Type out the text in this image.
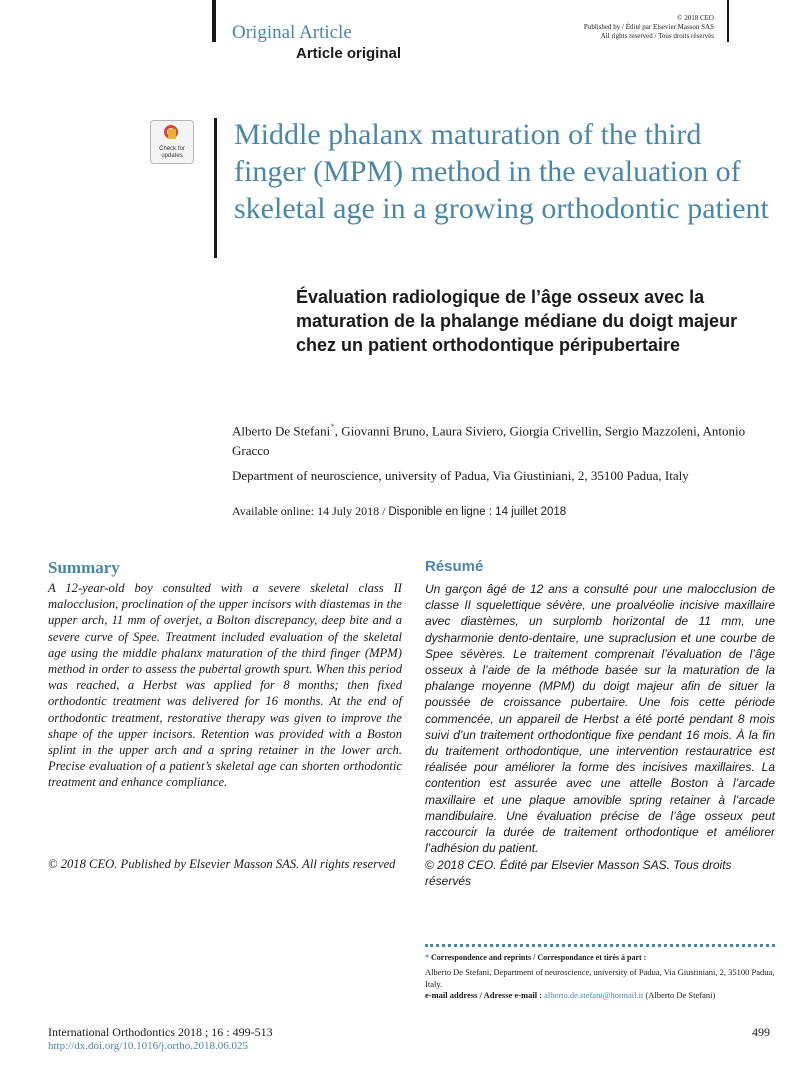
Original Article
Article original
© 2018 CEO
Published by / Édité par Elsevier Masson SAS
All rights reserved / Tous droits réservés
Check for
updates
Middle phalanx maturation of the third finger (MPM) method in the evaluation of skeletal age in a growing orthodontic patient
Évaluation radiologique de l’âge osseux avec la maturation de la phalange médiane du doigt majeur chez un patient orthodontique péripubertaire
Alberto De Stefani*, Giovanni Bruno, Laura Siviero, Giorgia Crivellin, Sergio Mazzoleni, Antonio Gracco
Department of neuroscience, university of Padua, Via Giustiniani, 2, 35100 Padua, Italy
Available online: 14 July 2018 / Disponible en ligne : 14 juillet 2018
Summary
A 12-year-old boy consulted with a severe skeletal class II malocclusion, proclination of the upper incisors with diastemas in the upper arch, 11 mm of overjet, a Bolton discrepancy, deep bite and a severe curve of Spee. Treatment included evaluation of the skeletal age using the middle phalanx maturation of the third finger (MPM) method in order to assess the pubertal growth spurt. When this period was reached, a Herbst was applied for 8 months; then fixed orthodontic treatment was delivered for 16 months. At the end of orthodontic treatment, restorative therapy was given to improve the shape of the upper incisors. Retention was provided with a Boston splint in the upper arch and a spring retainer in the lower arch. Precise evaluation of a patient’s skeletal age can shorten orthodontic treatment and enhance compliance.
© 2018 CEO. Published by Elsevier Masson SAS. All rights reserved
Résumé
Un garçon âgé de 12 ans a consulté pour une malocclusion de classe II squelettique sévère, une proalvéolie incisive maxillaire avec diastèmes, un surplomb horizontal de 11 mm, une dysharmonie dento-dentaire, une supraclusion et une courbe de Spee sévères. Le traitement comprenait l’évaluation de l’âge osseux à l’aide de la méthode basée sur la maturation de la phalange moyenne (MPM) du doigt majeur afin de situer la poussée de croissance pubertaire. Une fois cette période commencée, un appareil de Herbst a été porté pendant 8 mois suivi d’un traitement orthodontique fixe pendant 16 mois. À la fin du traitement orthodontique, une intervention restauratrice est réalisée pour améliorer la forme des incisives maxillaires. La contention est assurée avec une attelle Boston à l’arcade maxillaire et une plaque amovible spring retainer à l’arcade mandibulaire. Une évaluation précise de l’âge osseux peut raccourcir la durée de traitement orthodontique et améliorer l’adhésion du patient.
© 2018 CEO. Édité par Elsevier Masson SAS. Tous droits réservés
* Correspondence and reprints / Correspondance et tirés à part :
Alberto De Stefani, Department of neuroscience, university of Padua, Via Giustiniani, 2, 35100 Padua, Italy.
e-mail address / Adresse e-mail : alberto.de.stefani@hotmail.it (Alberto De Stefani)
International Orthodontics 2018 ; 16 : 499-513
http://dx.doi.org/10.1016/j.ortho.2018.06.025
499
